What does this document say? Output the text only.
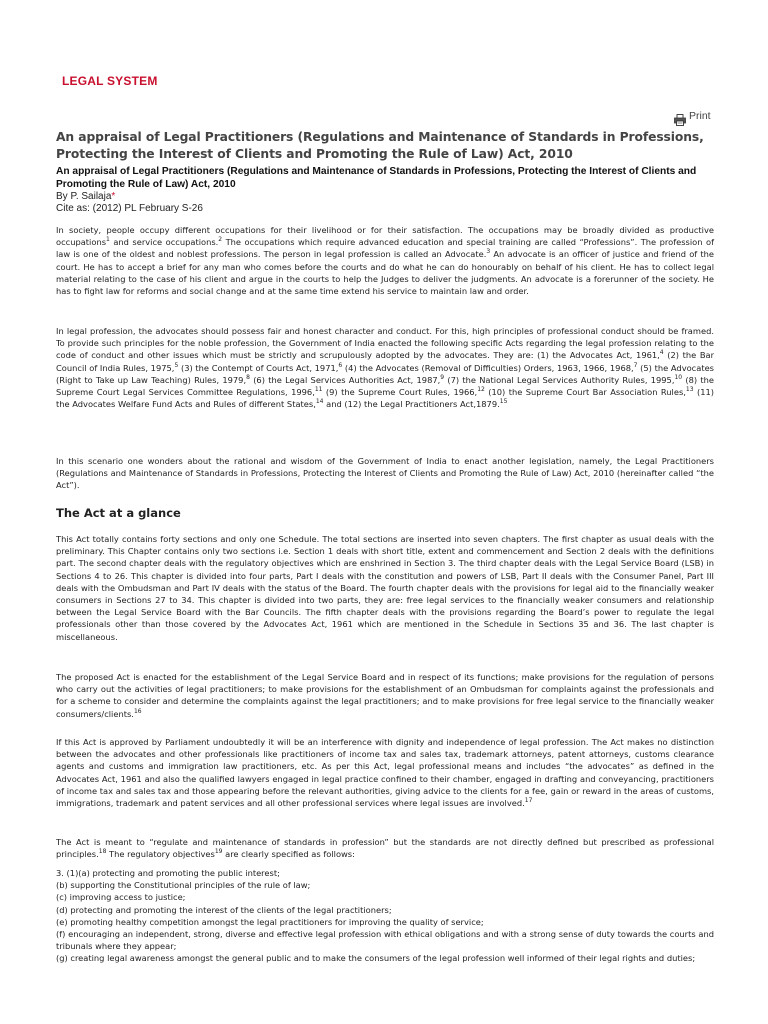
LEGAL SYSTEM
Print
An appraisal of Legal Practitioners (Regulations and Maintenance of Standards in Professions, Protecting the Interest of Clients and Promoting the Rule of Law) Act, 2010
An appraisal of Legal Practitioners (Regulations and Maintenance of Standards in Professions, Protecting the Interest of Clients and Promoting the Rule of Law) Act, 2010
By P. Sailaja*
Cite as: (2012) PL February S-26

In society, people occupy different occupations for their livelihood or for their satisfaction. The occupations may be broadly divided as productive occupations$^1$ and service occupations.$^2$ The occupations which require advanced education and special training are called “Professions”. The profession of law is one of the oldest and noblest professions. The person in legal profession is called an Advocate.$^3$ An advocate is an officer of justice and friend of the court. He has to accept a brief for any man who comes before the courts and do what he can do honourably on behalf of his client. He has to collect legal material relating to the case of his client and argue in the courts to help the Judges to deliver the judgments. An advocate is a forerunner of the society. He has to fight law for reforms and social change and at the same time extend his service to maintain law and order.

In legal profession, the advocates should possess fair and honest character and conduct. For this, high principles of professional conduct should be framed. To provide such principles for the noble profession, the Government of India enacted the following specific Acts regarding the legal profession relating to the code of conduct and other issues which must be strictly and scrupulously adopted by the advocates. They are: (1) the Advocates Act, 1961,$^4$ (2) the Bar Council of India Rules, 1975,$^5$ (3) the Contempt of Courts Act, 1971,$^6$ (4) the Advocates (Removal of Difficulties) Orders, 1963, 1966, 1968,$^7$ (5) the Advocates (Right to Take up Law Teaching) Rules, 1979,$^8$ (6) the Legal Services Authorities Act, 1987,$^9$ (7) the National Legal Services Authority Rules, 1995,10 (8) the Supreme Court Legal Services Committee Regulations, 1996,11 (9) the Supreme Court Rules, 1966,12 (10) the Supreme Court Bar Association Rules,$^{13}$ (11) the Advocates Welfare Fund Acts and Rules of different States,$^{14}$ and (12) the Legal Practitioners Act,1879.15

In this scenario one wonders about the rational and wisdom of the Government of India to enact another legislation, namely, the Legal Practitioners (Regulations and Maintenance of Standards in Professions, Protecting the Interest of Clients and Promoting the Rule of Law) Act, 2010 (hereinafter called “the Act”).

The Act at a glance

This Act totally contains forty sections and only one Schedule. The total sections are inserted into seven chapters. The first chapter as usual deals with the preliminary. This Chapter contains only two sections i.e. Section 1 deals with short title, extent and commencement and Section 2 deals with the definitions part. The second chapter deals with the regulatory objectives which are enshrined in Section 3. The third chapter deals with the Legal Service Board (LSB) in Sections 4 to 26. This chapter is divided into four parts, Part I deals with the constitution and powers of LSB, Part II deals with the Consumer Panel, Part III deals with the Ombudsman and Part IV deals with the status of the Board. The fourth chapter deals with the provisions for legal aid to the financially weaker consumers in Sections 27 to 34. This chapter is divided into two parts, they are: free legal services to the financially weaker consumers and relationship between the Legal Service Board with the Bar Councils. The fifth chapter deals with the provisions regarding the Board’s power to regulate the legal professionals other than those covered by the Advocates Act, 1961 which are mentioned in the Schedule in Sections 35 and 36. The last chapter is miscellaneous.

The proposed Act is enacted for the establishment of the Legal Service Board and in respect of its functions; make provisions for the regulation of persons who carry out the activities of legal practitioners; to make provisions for the establishment of an Ombudsman for complaints against the professionals and for a scheme to consider and determine the complaints against the legal practitioners; and to make provisions for free legal service to the financially weaker consumers/clients.$^{16}$

If this Act is approved by Parliament undoubtedly it will be an interference with dignity and independence of legal profession. The Act makes no distinction between the advocates and other professionals like practitioners of income tax and sales tax, trademark attorneys, patent attorneys, customs clearance agents and customs and immigration law practitioners, etc. As per this Act, legal professional means and includes “the advocates” as defined in the Advocates Act, 1961 and also the qualified lawyers engaged in legal practice confined to their chamber, engaged in drafting and conveyancing, practitioners of income tax and sales tax and those appearing before the relevant authorities, giving advice to the clients for a fee, gain or reward in the areas of customs, immigrations, trademark and patent services and all other professional services where legal issues are involved.$^{17}$

The Act is meant to “regulate and maintenance of standards in profession” but the standards are not directly defined but prescribed as professional principles.$^{18}$ The regulatory objectives$^{19}$ are clearly specified as follows:

3. (1)(a) protecting and promoting the public interest;
(b) supporting the Constitutional principles of the rule of law;
(c) improving access to justice;
(d) protecting and promoting the interest of the clients of the legal practitioners;
(e) promoting healthy competition amongst the legal practitioners for improving the quality of service;
(f) encouraging an independent, strong, diverse and effective legal profession with ethical obligations and with a strong sense of duty towards the courts and tribunals where they appear;
(g) creating legal awareness amongst the general public and to make the consumers of the legal profession well informed of their legal rights and duties;
